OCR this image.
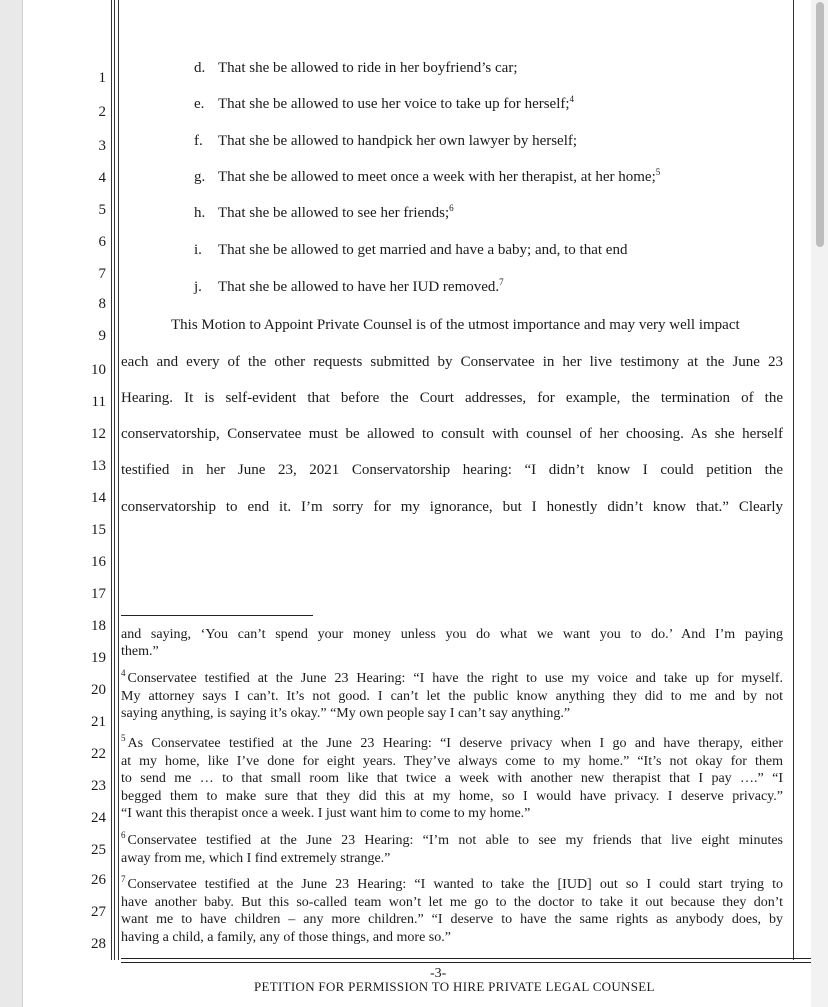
1
2
3
4
5
6
7
8
9
10
11
12
13
14
15
16
17
18
19
20
21
22
23
24
25
26
27
28
d. That she be allowed to ride in her boyfriend’s car;
e. That she be allowed to use her voice to take up for herself;$^4$
f. That she be allowed to handpick her own lawyer by herself;
g. That she be allowed to meet once a week with her therapist, at her home;$^5$
h. That she be allowed to see her friends;$^6$
i. That she be allowed to get married and have a baby; and, to that end
j. That she be allowed to have her IUD removed.$^7$
This Motion to Appoint Private Counsel is of the utmost importance and may very well impact
each and every of the other requests submitted by Conservatee in her live testimony at the June 23
Hearing. It is self-evident that before the Court addresses, for example, the termination of the
conservatorship, Conservatee must be allowed to consult with counsel of her choosing. As she herself
testified in her June 23, 2021 Conservatorship hearing: “I didn’t know I could petition the
conservatorship to end it. I’m sorry for my ignorance, but I honestly didn’t know that.” Clearly
and saying, ‘You can’t spend your money unless you do what we want you to do.’ And I’m paying
them.”
$^4$ Conservatee testified at the June 23 Hearing: “I have the right to use my voice and take up for myself.
My attorney says I can’t. It’s not good. I can’t let the public know anything they did to me and by not
saying anything, is saying it’s okay.” “My own people say I can’t say anything.”
$^5$ As Conservatee testified at the June 23 Hearing: “I deserve privacy when I go and have therapy, either
at my home, like I’ve done for eight years. They’ve always come to my home.” “It’s not okay for them
to send me … to that small room like that twice a week with another new therapist that I pay ….” “I
begged them to make sure that they did this at my home, so I would have privacy. I deserve privacy.”
“I want this therapist once a week. I just want him to come to my home.”
$^6$ Conservatee testified at the June 23 Hearing: “I’m not able to see my friends that live eight minutes
away from me, which I find extremely strange.”
$^7$ Conservatee testified at the June 23 Hearing: “I wanted to take the [IUD] out so I could start trying to
have another baby. But this so-called team won’t let me go to the doctor to take it out because they don’t
want me to have children – any more children.” “I deserve to have the same rights as anybody does, by
having a child, a family, any of those things, and more so.”
-3-
PETITION FOR PERMISSION TO HIRE PRIVATE LEGAL COUNSEL
